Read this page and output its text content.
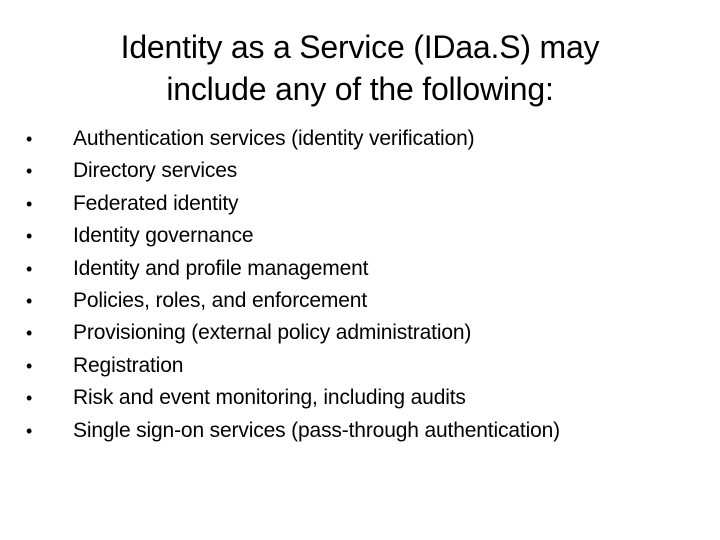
Identity as a Service (IDaa.S) may
include any of the following:
•	Authentication services (identity verification)
•	Directory services
•	Federated identity
•	Identity governance
•	Identity and profile management
•	Policies, roles, and enforcement
•	Provisioning (external policy administration)
•	Registration
•	Risk and event monitoring, including audits
•	Single sign-on services (pass-through authentication)
